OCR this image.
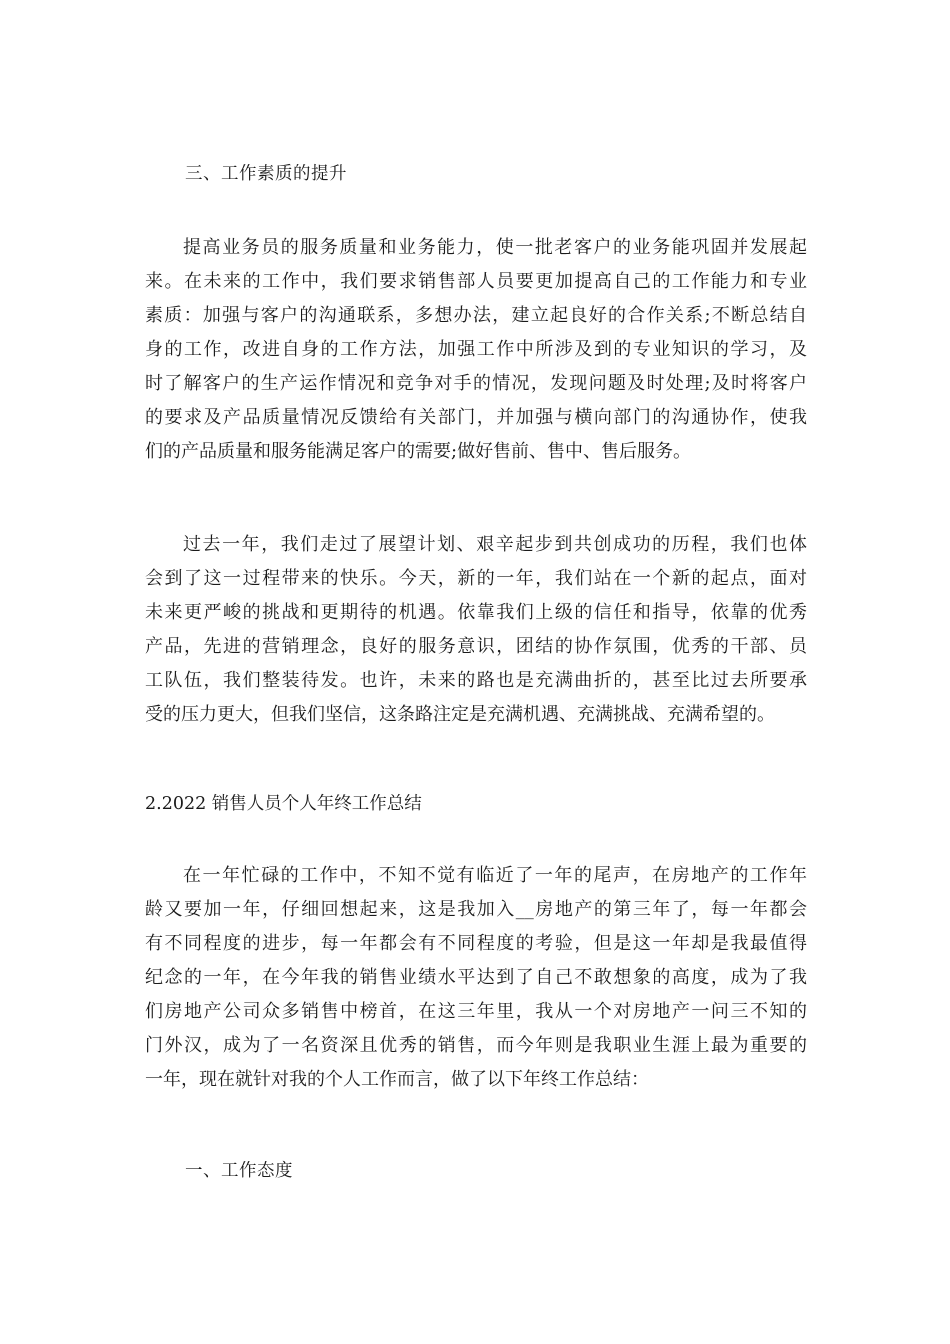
三、工作素质的提升

提高业务员的服务质量和业务能力，使一批老客户的业务能巩固并发展起
来。在未来的工作中，我们要求销售部人员要更加提高自己的工作能力和专业
素质：加强与客户的沟通联系，多想办法，建立起良好的合作关系;不断总结自
身的工作，改进自身的工作方法，加强工作中所涉及到的专业知识的学习，及
时了解客户的生产运作情况和竞争对手的情况，发现问题及时处理;及时将客户
的要求及产品质量情况反馈给有关部门，并加强与横向部门的沟通协作，使我
们的产品质量和服务能满足客户的需要;做好售前、售中、售后服务。
过去一年，我们走过了展望计划、艰辛起步到共创成功的历程，我们也体
会到了这一过程带来的快乐。今天，新的一年，我们站在一个新的起点，面对
未来更严峻的挑战和更期待的机遇。依靠我们上级的信任和指导，依靠的优秀
产品，先进的营销理念，良好的服务意识，团结的协作氛围，优秀的干部、员
工队伍，我们整装待发。也许，未来的路也是充满曲折的，甚至比过去所要承
受的压力更大，但我们坚信，这条路注定是充满机遇、充满挑战、充满希望的。

2.2022 销售人员个人年终工作总结

在一年忙碌的工作中，不知不觉有临近了一年的尾声，在房地产的工作年
龄又要加一年，仔细回想起来，这是我加入__房地产的第三年了，每一年都会
有不同程度的进步，每一年都会有不同程度的考验，但是这一年却是我最值得
纪念的一年，在今年我的销售业绩水平达到了自己不敢想象的高度，成为了我
们房地产公司众多销售中榜首，在这三年里，我从一个对房地产一问三不知的
门外汉，成为了一名资深且优秀的销售，而今年则是我职业生涯上最为重要的
一年，现在就针对我的个人工作而言，做了以下年终工作总结：

一、工作态度
